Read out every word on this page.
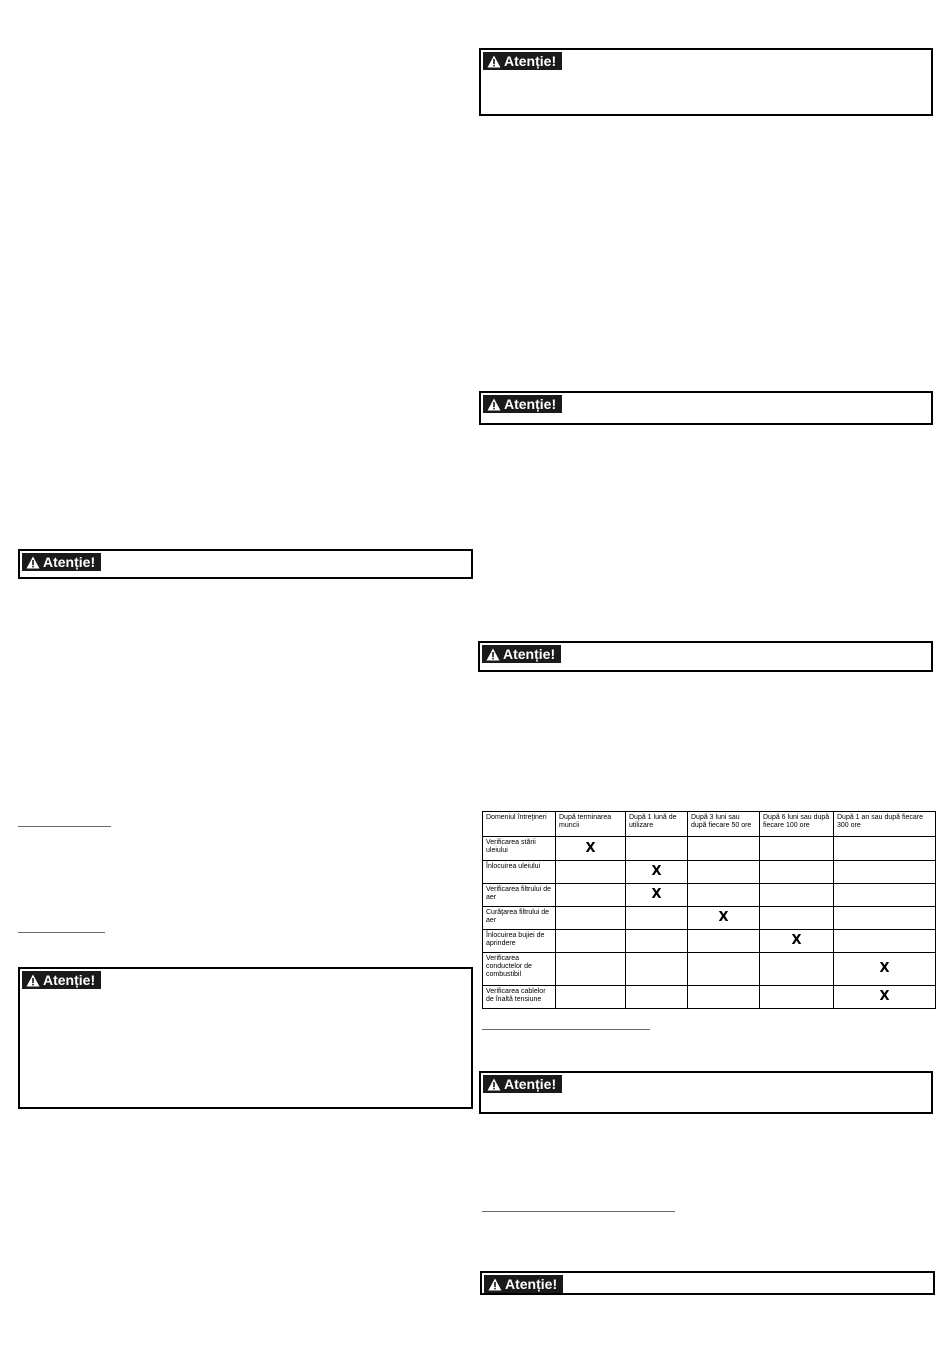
Atenție!
Atenție!
Atenție!
Atenție!
Atenție!
Atenție!
Atenție!
Domeniul întreţineri	După terminarea muncii	După 1 lună de utilizare	După 3 luni sau după fiecare 50 ore	După 6 luni sau după fiecare 100 ore	După 1 an sau după fiecare 300 ore
Verificarea stării uleiului	X				
Înlocuirea uleiului		X			
Verificarea filtrului de aer		X			
Curăţarea filtrului de aer			X		
Înlocuirea bujiei de aprindere				X	
Verificarea conductelor de combustibil					X
Verificarea cablelor de înaltă tensiune					X
